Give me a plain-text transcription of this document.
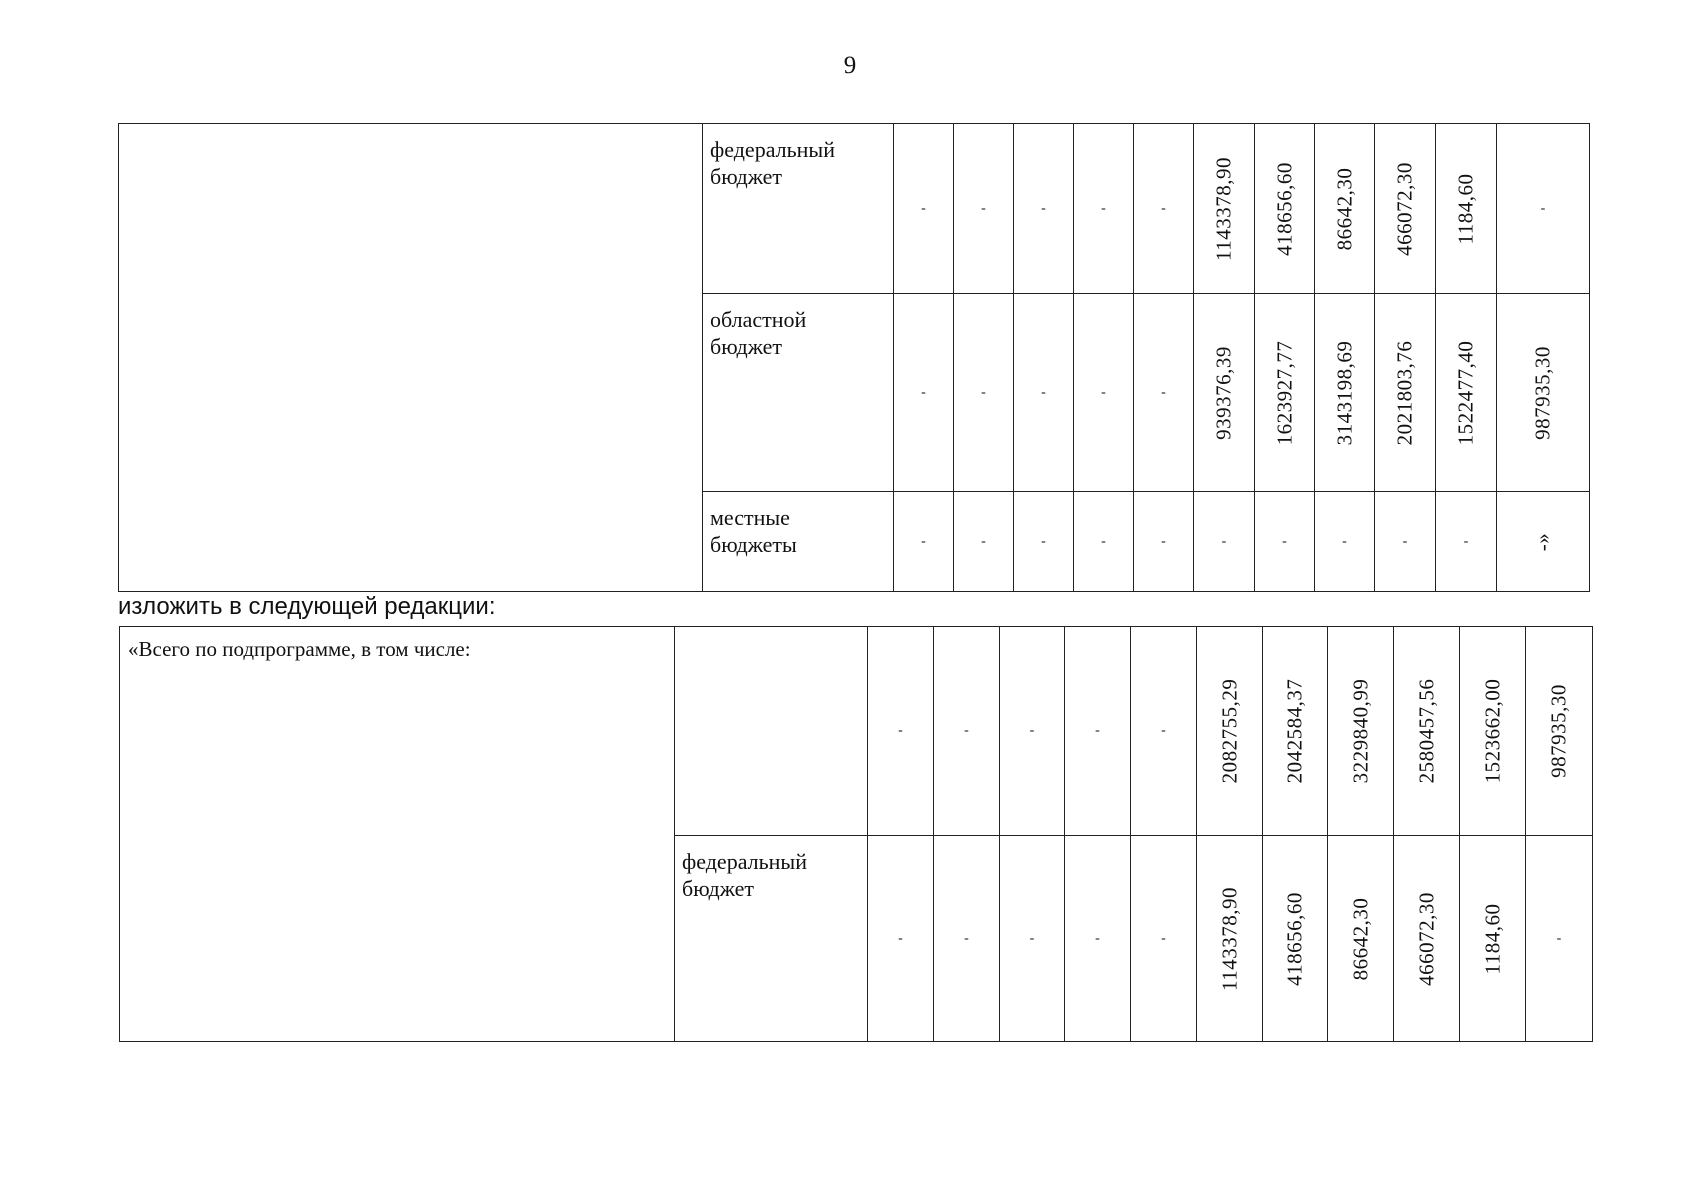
9
	федеральный
бюджет	-	-	-	-	-	1143378,90	418656,60	86642,30	466072,30	1184,60	-

	областной
бюджет	-	-	-	-	-	939376,39	1623927,77	3143198,69	2021803,76	1522477,40	987935,30

	местные
бюджеты	-	-	-	-	-	-	-	-	-	-	-»
изложить в следующей редакции:
«Всего по подпрограмме, в том числе:		-	-	-	-	-	2082755,29	2042584,37	3229840,99	2580457,56	1523662,00	987935,30

	федеральный
бюджет	-	-	-	-	-	1143378,90	418656,60	86642,30	466072,30	1184,60	-
